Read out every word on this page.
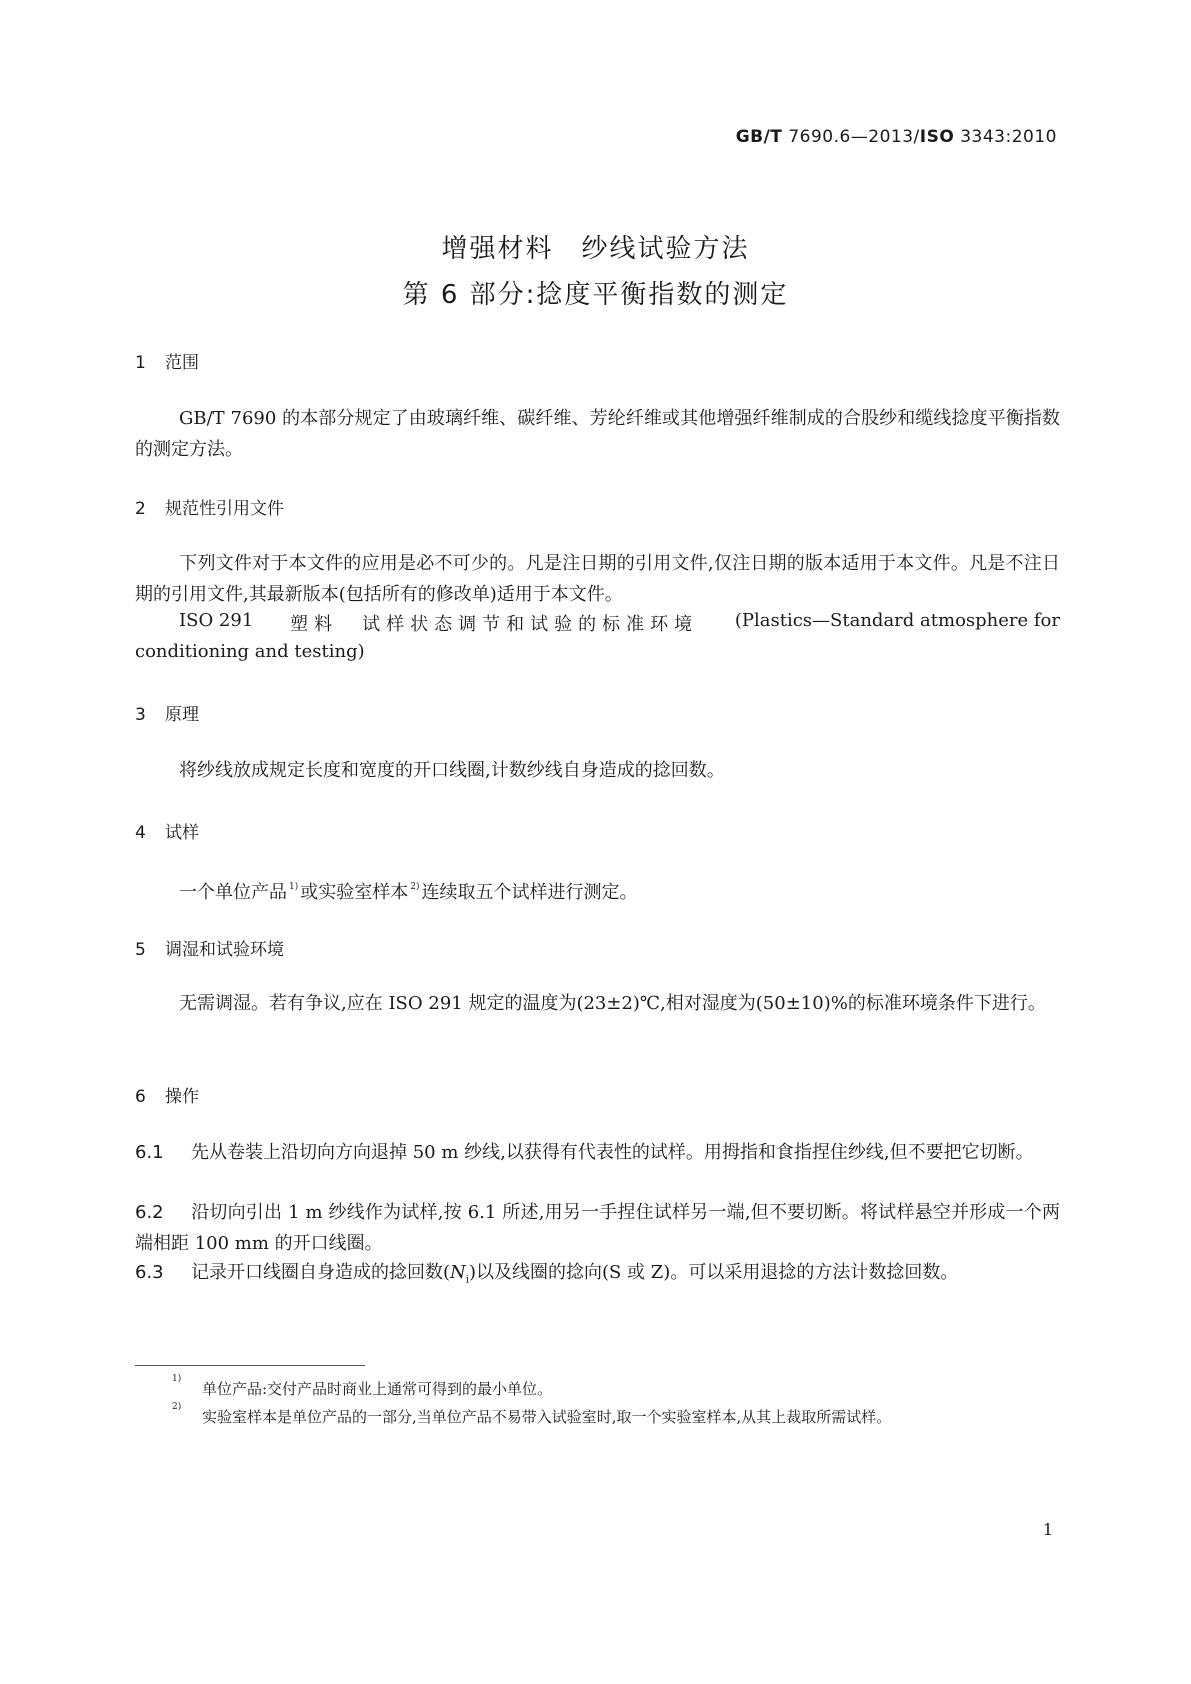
GB/T 7690.6—2013/ISO 3343:2010
增强材料　纱线试验方法
第 6 部分:捻度平衡指数的测定
1 范围
GB/T 7690 的本部分规定了由玻璃纤维、碳纤维、芳纶纤维或其他增强纤维制成的合股纱和缆线捻度平衡指数的测定方法。
2 规范性引用文件
下列文件对于本文件的应用是必不可少的。凡是注日期的引用文件,仅注日期的版本适用于本文件。凡是不注日期的引用文件,其最新版本(包括所有的修改单)适用于本文件。
ISO 291 塑料　试样状态调节和试验的标准环境 (Plastics—Standard atmosphere for
conditioning and testing)
3 原理
将纱线放成规定长度和宽度的开口线圈,计数纱线自身造成的捻回数。
4 试样
一个单位产品 $^{1)}$ 或实验室样本 $^{2)}$ 连续取五个试样进行测定。
5 调湿和试验环境
无需调湿。若有争议,应在 ISO 291 规定的温度为(23±2)℃,相对湿度为(50±10)%的标准环境条件下进行。
6 操作
6.1 先从卷装上沿切向方向退掉 50 m 纱线,以获得有代表性的试样。用拇指和食指捏住纱线,但不要把它切断。
6.2 沿切向引出 1 m 纱线作为试样,按 6.1 所述,用另一手捏住试样另一端,但不要切断。将试样悬空并形成一个两端相距 100 mm 的开口线圈。
6.3 记录开口线圈自身造成的捻回数$(N_i)$以及线圈的捻向(S 或 Z)。可以采用退捻的方法计数捻回数。
1)
单位产品:交付产品时商业上通常可得到的最小单位。
2)
实验室样本是单位产品的一部分,当单位产品不易带入试验室时,取一个实验室样本,从其上裁取所需试样。
1
